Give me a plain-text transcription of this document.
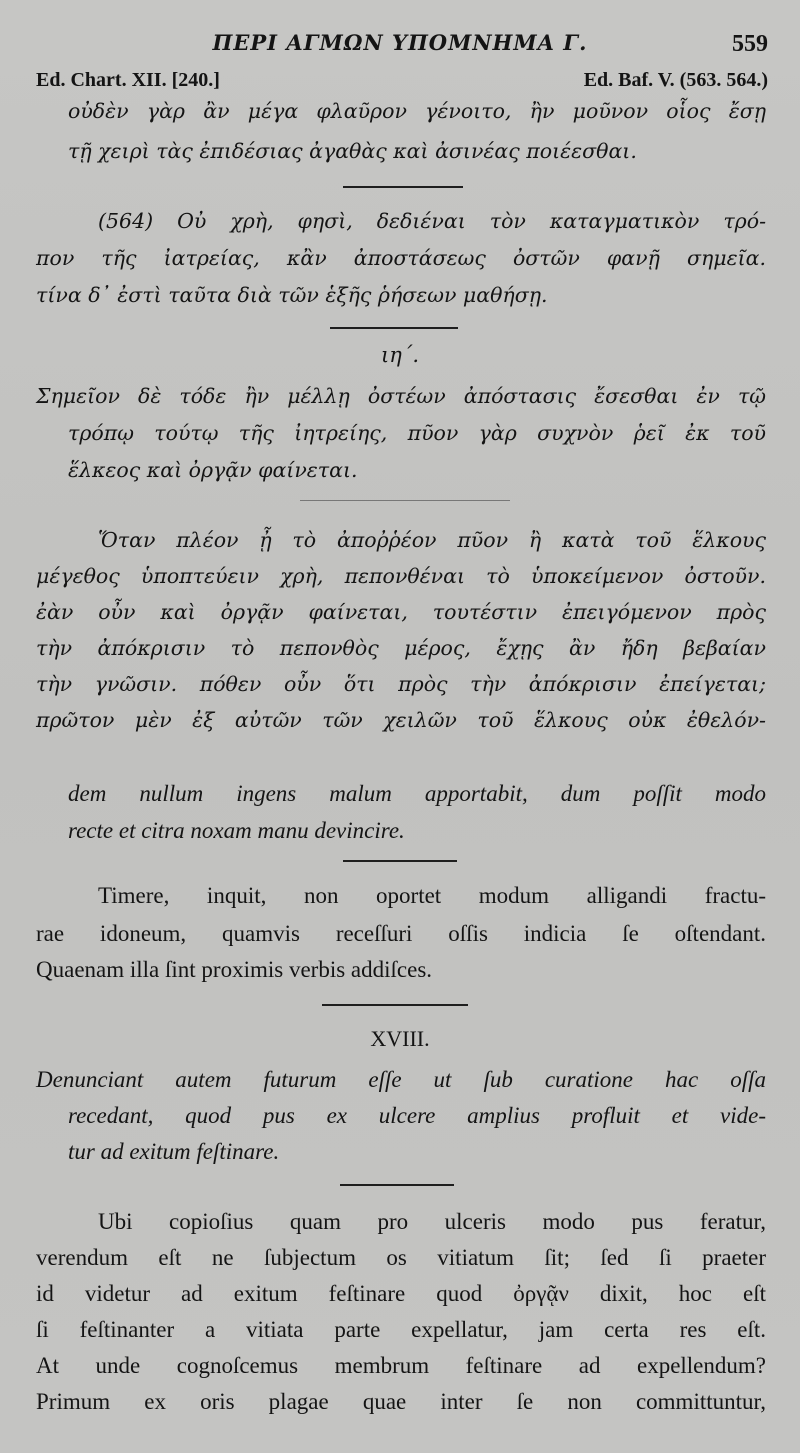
ΠΕΡΙ ΑΓΜΩΝ ΥΠΟΜΝΗΜΑ Γ.	559
Ed. Chart. XII. [240.]	Ed. Baf. V. (563. 564.)
οὐδὲν γὰρ ἂν μέγα φλαῦρον γένοιτο, ἢν μοῦνον οἷος ἔσῃ
τῇ χειρὶ τὰς ἐπιδέσιας ἀγαθὰς καὶ ἀσινέας ποιέεσθαι.
(564) Οὐ χρὴ, φησὶ, δεδιέναι τὸν καταγματικὸν τρό-
πον τῆς ἰατρείας, κἂν ἀποστάσεως ὀστῶν φανῇ σημεῖα.
τίνα δ᾽ ἐστὶ ταῦτα διὰ τῶν ἑξῆς ῥήσεων μαθήσῃ.
ιη΄.
Σημεῖον δὲ τόδε ἢν μέλλῃ ὀστέων ἀπόστασις ἔσεσθαι ἐν τῷ
τρόπῳ τούτῳ τῆς ἰητρείης, πῦον γὰρ συχνὸν ῥεῖ ἐκ τοῦ
ἕλκεος καὶ ὀργᾷν φαίνεται.
Ὅταν πλέον ᾖ τὸ ἀποῤῥέον πῦον ἢ κατὰ τοῦ ἕλκους
μέγεθος ὑποπτεύειν χρὴ, πεπονθέναι τὸ ὑποκείμενον ὀστοῦν.
ἐὰν οὖν καὶ ὀργᾷν φαίνεται, τουτέστιν ἐπειγόμενον πρὸς
τὴν ἀπόκρισιν τὸ πεπονθὸς μέρος, ἔχῃς ἂν ἤδη βεβαίαν
τὴν γνῶσιν. πόθεν οὖν ὅτι πρὸς τὴν ἀπόκρισιν ἐπείγεται;
πρῶτον μὲν ἐξ αὐτῶν τῶν χειλῶν τοῦ ἕλκους οὐκ ἐθελόν-
dem nullum ingens malum apportabit, dum poſſit modo
recte et citra noxam manu devincire.
Timere, inquit, non oportet modum alligandi fractu-
rae idoneum, quamvis receſſuri oſſis indicia ſe oſtendant.
Quaenam illa ſint proximis verbis addiſces.
XVIII.
Denunciant autem futurum eſſe ut ſub curatione hac oſſa
recedant, quod pus ex ulcere amplius profluit et vide-
tur ad exitum feſtinare.
Ubi copioſius quam pro ulceris modo pus feratur,
verendum eſt ne ſubjectum os vitiatum ſit; ſed ſi praeter
id videtur ad exitum feſtinare quod ὀργᾷν dixit, hoc eſt
ſi feſtinanter a vitiata parte expellatur, jam certa res eſt.
At unde cognoſcemus membrum feſtinare ad expellendum?
Primum ex oris plagae quae inter ſe non committuntur,
